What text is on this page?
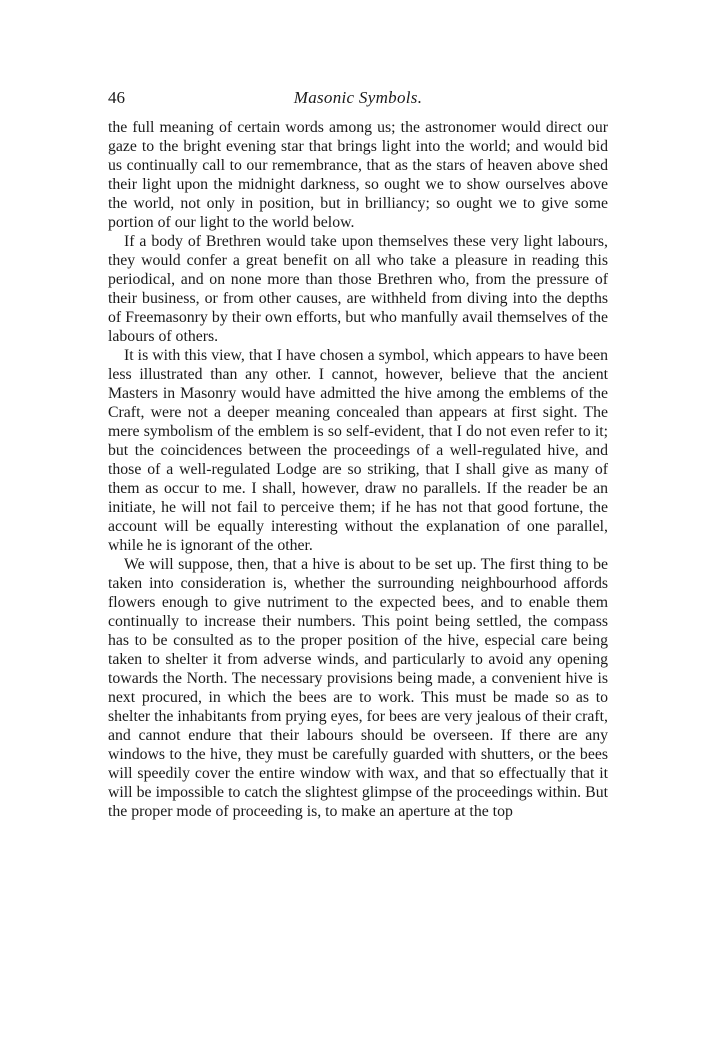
46	Masonic Symbols.

the full meaning of certain words among us; the astronomer would direct our gaze to the bright evening star that brings light into the world; and would bid us continually call to our remembrance, that as the stars of heaven above shed their light upon the midnight darkness, so ought we to show ourselves above the world, not only in position, but in brilliancy; so ought we to give some portion of our light to the world below.

If a body of Brethren would take upon themselves these very light labours, they would confer a great benefit on all who take a pleasure in reading this periodical, and on none more than those Brethren who, from the pressure of their business, or from other causes, are withheld from diving into the depths of Freemasonry by their own efforts, but who manfully avail themselves of the labours of others.

It is with this view, that I have chosen a symbol, which appears to have been less illustrated than any other. I cannot, however, believe that the ancient Masters in Masonry would have admitted the hive among the emblems of the Craft, were not a deeper meaning concealed than appears at first sight. The mere symbolism of the emblem is so self-evident, that I do not even refer to it; but the coincidences between the proceedings of a well-regulated hive, and those of a well-regulated Lodge are so striking, that I shall give as many of them as occur to me. I shall, however, draw no parallels. If the reader be an initiate, he will not fail to perceive them; if he has not that good fortune, the account will be equally interesting without the explanation of one parallel, while he is ignorant of the other.

We will suppose, then, that a hive is about to be set up. The first thing to be taken into consideration is, whether the surrounding neighbourhood affords flowers enough to give nutriment to the expected bees, and to enable them continually to increase their numbers. This point being settled, the compass has to be consulted as to the proper position of the hive, especial care being taken to shelter it from adverse winds, and particularly to avoid any opening towards the North. The necessary provisions being made, a convenient hive is next procured, in which the bees are to work. This must be made so as to shelter the inhabitants from prying eyes, for bees are very jealous of their craft, and cannot endure that their labours should be overseen. If there are any windows to the hive, they must be carefully guarded with shutters, or the bees will speedily cover the entire window with wax, and that so effectually that it will be impossible to catch the slightest glimpse of the proceedings within. But the proper mode of proceeding is, to make an aperture at the top
